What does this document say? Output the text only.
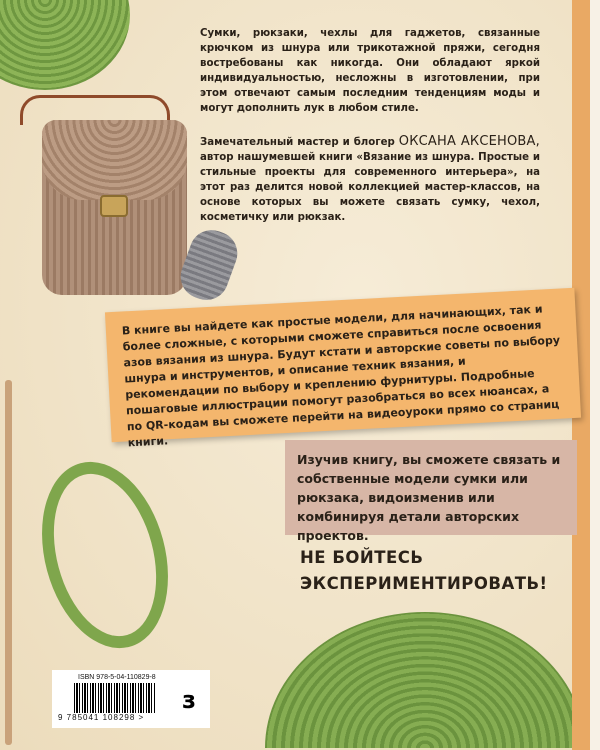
Сумки, рюкзаки, чехлы для гаджетов, связанные крючком из шнура или трикотажной пряжи, сегодня востребованы как никогда. Они обладают яркой индивидуальностью, несложны в изготовлении, при этом отвечают самым последним тенденциям моды и могут дополнить лук в любом стиле.

Замечательный мастер и блогер ОКСАНА АКСЕНОВА, автор нашумевшей книги «Вязание из шнура. Простые и стильные проекты для современного интерьера», на этот раз делится новой коллекцией мастер-классов, на основе которых вы можете связать сумку, чехол, косметичку или рюкзак.

В книге вы найдете как простые модели, для начинающих, так и более сложные, с которыми сможете справиться после освоения азов вязания из шнура. Будут кстати и авторские советы по выбору шнура и инструментов, и описание техник вязания, и рекомендации по выбору и креплению фурнитуры. Подробные пошаговые иллюстрации помогут разобраться во всех нюансах, а по QR-кодам вы сможете перейти на видеоуроки прямо со страниц книги.
Изучив книгу, вы сможете связать и собственные модели сумки или рюкзака, видоизменив или комбинируя детали авторских проектов.
НЕ БОЙТЕСЬ
ЭКСПЕРИМЕНТИРОВАТЬ!
ISBN 978-5-04-110829-8
9 785041 108298 >
з
